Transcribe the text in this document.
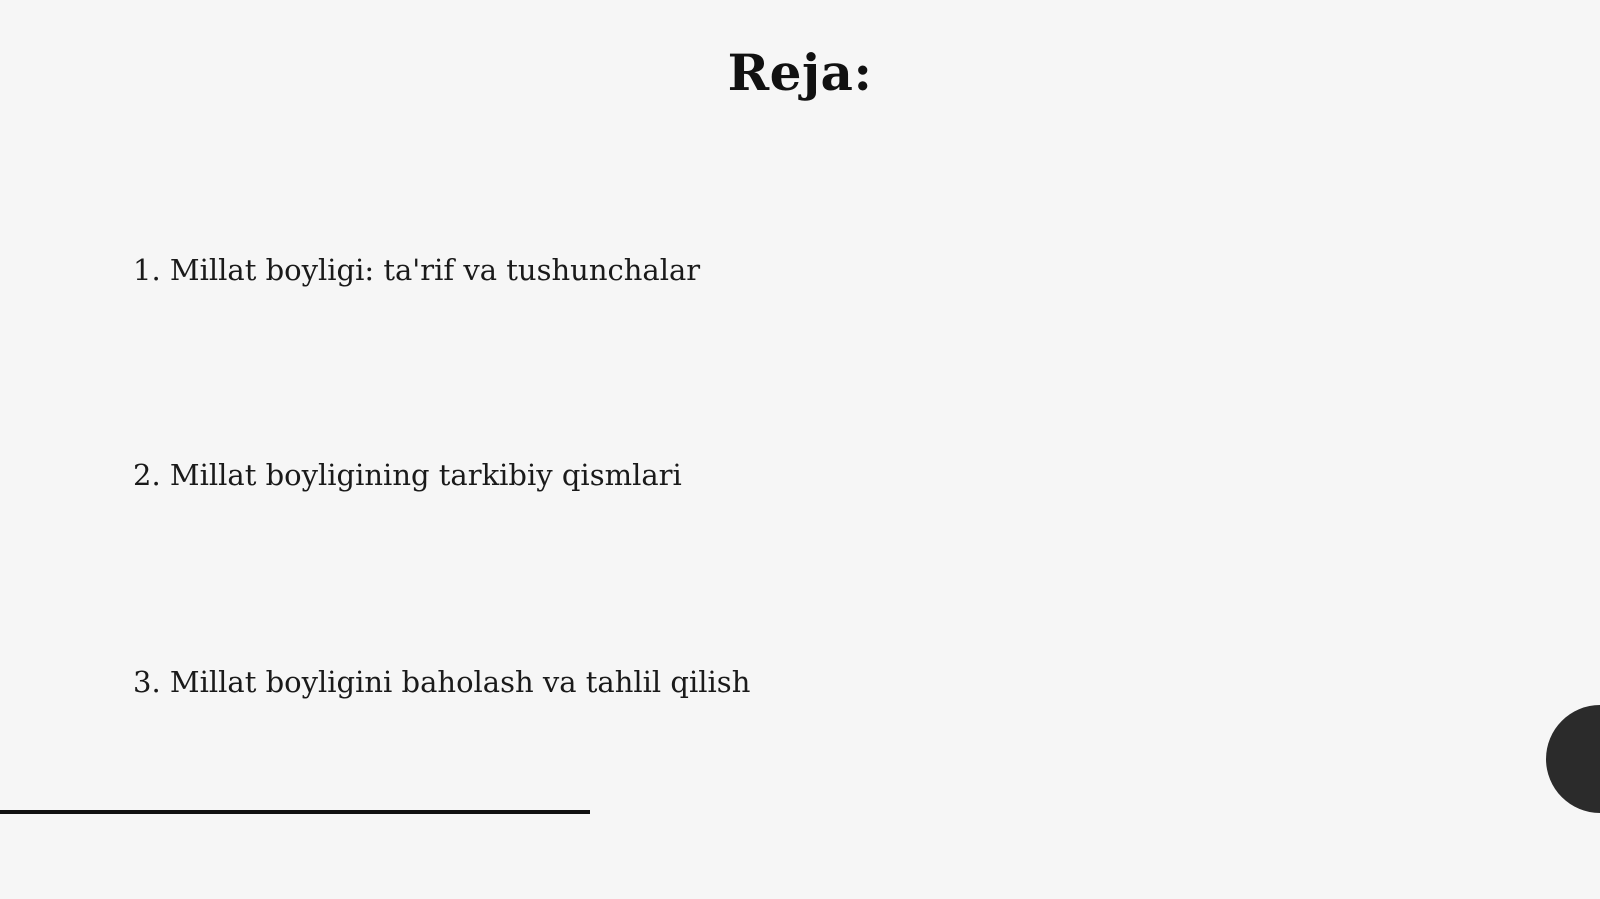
Reja:
1. Millat boyligi: ta'rif va tushunchalar
2. Millat boyligining tarkibiy qismlari
3. Millat boyligini baholash va tahlil qilish
